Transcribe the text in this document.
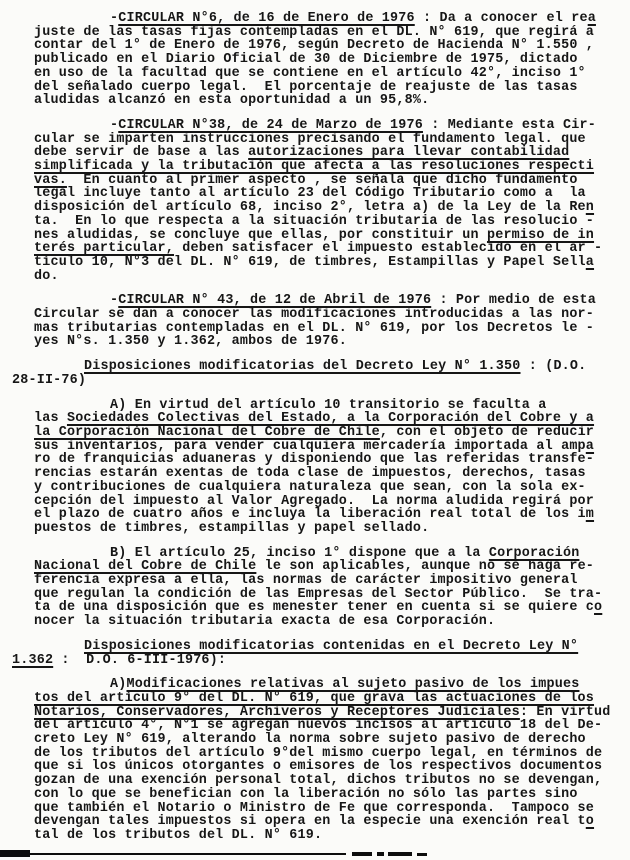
-CIRCULAR N°6, de 16 de Enero de 1976 : Da a conocer el rea
juste de las tasas fijas contempladas en el DL. N° 619, que regirá a
contar del 1° de Enero de 1976, según Decreto de Hacienda N° 1.550 ,
publicado en el Diario Oficial de 30 de Diciembre de 1975, dictado
en uso de la facultad que se contiene en el artículo 42°, inciso 1°
del señalado cuerpo legal.  El porcentaje de reajuste de las tasas
aludidas alcanzó en esta oportunidad a un 95,8%.
-CIRCULAR N°38, de 24 de Marzo de 1976 : Mediante esta Cir-
cular se imparten instrucciones precisando el fundamento legal. que
debe servir de base a las autorizaciones para llevar contabilidad
simplificada y la tributación que afecta a las resoluciones respecti
vas.  En cuanto al primer aspecto , se señala que dicho fundamento
legal incluye tanto al artículo 23 del Código Tributario como a  la
disposición del artículo 68, inciso 2°, letra a) de la Ley de la Ren
ta.  En lo que respecta a la situación tributaria de las resolucio -
nes aludidas, se concluye que ellas, por constituir un permiso de in
terés particular, deben satisfacer el impuesto establecido en el ar -
tículo 10, N°3 del DL. N° 619, de timbres, Estampillas y Papel Sella
do.
-CIRCULAR N° 43, de 12 de Abril de 1976 : Por medio de esta
Circular se dan a conocer las modificaciones introducidas a las nor-
mas tributarias contempladas en el DL. N° 619, por los Decretos le -
yes N°s. 1.350 y 1.362, ambos de 1976.
Disposiciones modificatorias del Decreto Ley N° 1.350 : (D.O.
28-II-76)
A) En virtud del artículo 10 transitorio se faculta a
las Sociedades Colectivas del Estado, a la Corporación del Cobre y a
la Corporación Nacional del Cobre de Chile, con el objeto de reducir
sus inventarios, para vender cualquiera mercadería importada al ampa
ro de franquicias aduaneras y disponiendo que las referidas transfe-
rencias estarán exentas de toda clase de impuestos, derechos, tasas
y contribuciones de cualquiera naturaleza que sean, con la sola ex-
cepción del impuesto al Valor Agregado.  La norma aludida regirá por
el plazo de cuatro años e incluya la liberación real total de los im
puestos de timbres, estampillas y papel sellado.
B) El artículo 25, inciso 1° dispone que a la Corporación
Nacional del Cobre de Chile le son aplicables, aunque no se haga re-
ferencia expresa a ella, las normas de carácter impositivo general
que regulan la condición de las Empresas del Sector Público.  Se tra-
ta de una disposición que es menester tener en cuenta si se quiere co
nocer la situación tributaria exacta de esa Corporación.
Disposiciones modificatorias contenidas en el Decreto Ley N°
1.362 :  D.O. 6-III-1976):
A)Modificaciones relativas al sujeto pasivo de los impues
tos del artículo 9° del DL. N° 619, que grava las actuaciones de los
Notarios, Conservadores, Archiveros y Receptores Judiciales: En virtud
del artículo 4°, N°1 se agregan nuevos incisos al artículo 18 del De-
creto Ley N° 619, alterando la norma sobre sujeto pasivo de derecho
de los tributos del artículo 9°del mismo cuerpo legal, en términos de
que si los únicos otorgantes o emisores de los respectivos documentos
gozan de una exención personal total, dichos tributos no se devengan,
con lo que se benefician con la liberación no sólo las partes sino
que también el Notario o Ministro de Fe que corresponda.  Tampoco se
devengan tales impuestos si opera en la especie una exención real to
tal de los tributos del DL. N° 619.
